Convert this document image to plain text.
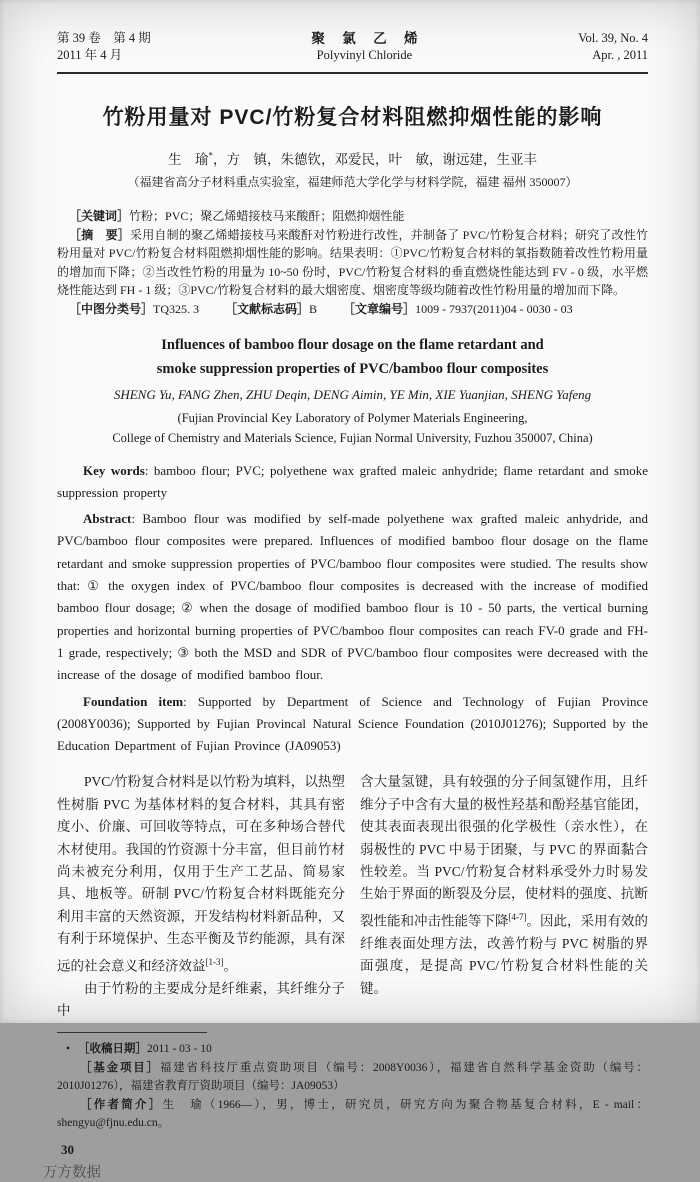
第 39 卷　第 4 期
2011 年 4 月
聚 氯 乙 烯
Polyvinyl Chloride
Vol. 39, No. 4
Apr. , 2011
竹粉用量对 PVC/竹粉复合材料阻燃抑烟性能的影响
生　瑜*，方　镇，朱德钦，邓爱民，叶　敏，谢远建，生亚丰
（福建省高分子材料重点实验室，福建师范大学化学与材料学院，福建 福州 350007）

［关键词］竹粉；PVC；聚乙烯蜡接枝马来酸酐；阻燃抑烟性能

［摘　要］采用自制的聚乙烯蜡接枝马来酸酐对竹粉进行改性，并制备了 PVC/竹粉复合材料；研究了改性竹粉用量对 PVC/竹粉复合材料阻燃抑烟性能的影响。结果表明：①PVC/竹粉复合材料的氧指数随着改性竹粉用量的增加而下降；②当改性竹粉的用量为 10~50 份时，PVC/竹粉复合材料的垂直燃烧性能达到 FV - 0 级，水平燃烧性能达到 FH - 1 级；③PVC/竹粉复合材料的最大烟密度、烟密度等级均随着改性竹粉用量的增加而下降。

［中图分类号］TQ325. 3 ［文献标志码］B ［文章编号］1009 - 7937(2011)04 - 0030 - 03

Influences of bamboo flour dosage on the flame retardant and
smoke suppression properties of PVC/bamboo flour composites
SHENG Yu, FANG Zhen, ZHU Deqin, DENG Aimin, YE Min, XIE Yuanjian, SHENG Yafeng
(Fujian Provincial Key Laboratory of Polymer Materials Engineering,
College of Chemistry and Materials Science, Fujian Normal University, Fuzhou 350007, China)

Key words: bamboo flour; PVC; polyethene wax grafted maleic anhydride; flame retardant and smoke suppression property

Abstract: Bamboo flour was modified by self-made polyethene wax grafted maleic anhydride, and PVC/bamboo flour composites were prepared. Influences of modified bamboo flour dosage on the flame retardant and smoke suppression properties of PVC/bamboo flour composites were studied. The results show that: ① the oxygen index of PVC/bamboo flour composites is decreased with the increase of modified bamboo flour dosage; ② when the dosage of modified bamboo flour is 10 - 50 parts, the vertical burning properties and horizontal burning properties of PVC/bamboo flour composites can reach FV-0 grade and FH-1 grade, respectively; ③ both the MSD and SDR of PVC/bamboo flour composites were decreased with the increase of the dosage of modified bamboo flour.

Foundation item: Supported by Department of Science and Technology of Fujian Province (2008Y0036); Supported by Fujian Provincal Natural Science Foundation (2010J01276); Supported by the Education Department of Fujian Province (JA09053)

PVC/竹粉复合材料是以竹粉为填料，以热塑性树脂 PVC 为基体材料的复合材料，其具有密度小、价廉、可回收等特点，可在多种场合替代木材使用。我国的竹资源十分丰富，但目前竹材尚未被充分利用，仅用于生产工艺品、简易家具、地板等。研制 PVC/竹粉复合材料既能充分利用丰富的天然资源，开发结构材料新品种，又有利于环境保护、生态平衡及节约能源，具有深远的社会意义和经济效益[1-3]。

由于竹粉的主要成分是纤维素，其纤维分子中

含大量氢键，具有较强的分子间氢键作用，且纤维分子中含有大量的极性羟基和酚羟基官能团，使其表面表现出很强的化学极性（亲水性），在弱极性的 PVC 中易于团聚，与 PVC 的界面黏合性较差。当 PVC/竹粉复合材料承受外力时易发生始于界面的断裂及分层，使材料的强度、抗断裂性能和冲击性能等下降[4-7]。因此，采用有效的纤维表面处理方法，改善竹粉与 PVC 树脂的界面强度，是提高 PVC/竹粉复合材料性能的关键。

• ［收稿日期］2011 - 03 - 10

［基金项目］福建省科技厅重点资助项目（编号：2008Y0036），福建省自然科学基金资助（编号：2010J01276），福建省教育厅资助项目（编号：JA09053）

［作者简介］生　瑜（1966—），男，博士，研究员，研究方向为聚合物基复合材料，E - mail：shengyu@fjnu.edu.cn。

30
万方数据
